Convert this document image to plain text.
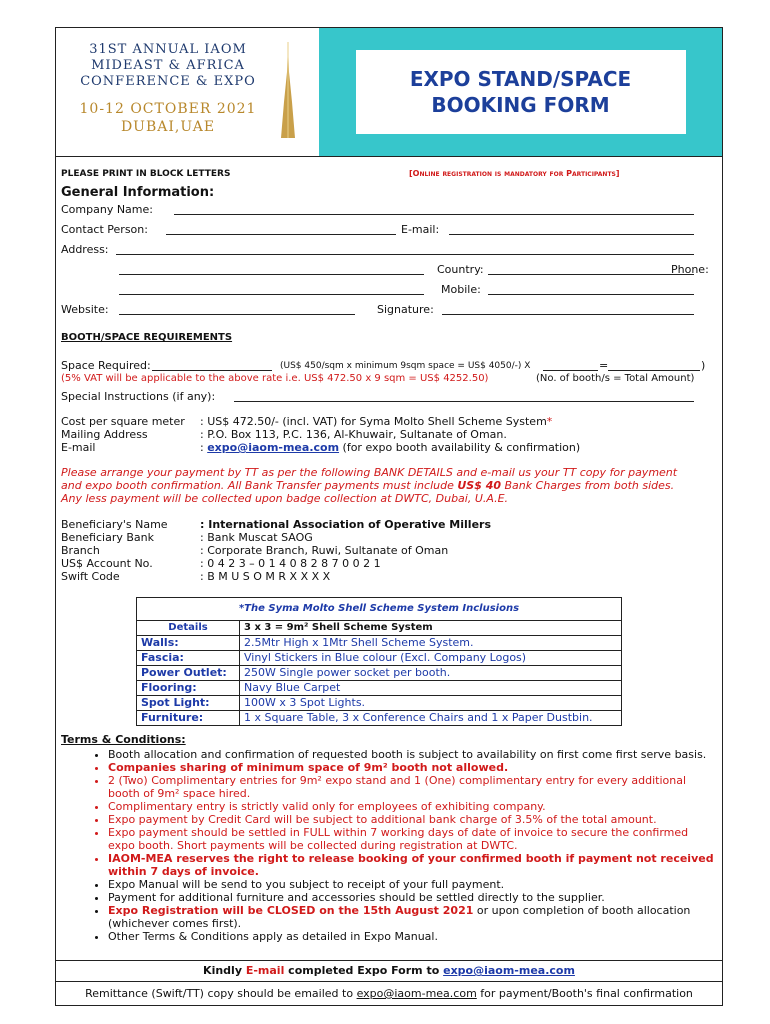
31ST ANNUAL IAOM
MIDEAST & AFRICA
CONFERENCE & EXPO
10-12 OCTOBER 2021
DUBAI,UAE
EXPO STAND/SPACE
BOOKING FORM
PLEASE PRINT IN BLOCK LETTERS	[Online registration is mandatory for Participants]
General Information:
Company Name:
Contact Person:	E-mail:
Address:
Country:	Phone:
Mobile:
Website:	Signature:
BOOTH/SPACE REQUIREMENTS
Space Required:	(US$ 450/sqm x minimum 9sqm space = US$ 4050/-) X	=	)
(5% VAT will be applicable to the above rate i.e. US$ 472.50 x 9 sqm = US$ 4252.50)	(No. of booth/s = Total Amount)
Special Instructions (if any):
Cost per square meter : US$ 472.50/- (incl. VAT) for Syma Molto Shell Scheme System*
Mailing Address	: P.O. Box 113, P.C. 136, Al-Khuwair, Sultanate of Oman.
E-mail	: expo@iaom-mea.com (for expo booth availability & confirmation)
Please arrange your payment by TT as per the following BANK DETAILS and e-mail us your TT copy for payment
and expo booth confirmation. All Bank Transfer payments must include US$ 40 Bank Charges from both sides.
Any less payment will be collected upon badge collection at DWTC, Dubai, U.A.E.
Beneficiary's Name	: International Association of Operative Millers
Beneficiary Bank	: Bank Muscat SAOG
Branch	: Corporate Branch, Ruwi, Sultanate of Oman
US$ Account No.	: 0 4 2 3 – 0 1 4 0 8 2 8 7 0 0 2 1
Swift Code	: B M U S O M R X X X X
*The Syma Molto Shell Scheme System Inclusions	
Details	3 x 3 = 9m² Shell Scheme System
Walls:	2.5Mtr High x 1Mtr Shell Scheme System.
Fascia:	Vinyl Stickers in Blue colour (Excl. Company Logos)
Power Outlet:	250W Single power socket per booth.
Flooring:	Navy Blue Carpet
Spot Light:	100W x 3 Spot Lights.
Furniture:	1 x Square Table, 3 x Conference Chairs and 1 x Paper Dustbin.
Terms & Conditions:
• Booth allocation and confirmation of requested booth is subject to availability on first come first serve basis.
• Companies sharing of minimum space of 9m² booth not allowed.
• 2 (Two) Complimentary entries for 9m² expo stand and 1 (One) complimentary entry for every additional booth of 9m² space hired.
• Complimentary entry is strictly valid only for employees of exhibiting company.
• Expo payment by Credit Card will be subject to additional bank charge of 3.5% of the total amount.
• Expo payment should be settled in FULL within 7 working days of date of invoice to secure the confirmed expo booth. Short payments will be collected during registration at DWTC.
• IAOM-MEA reserves the right to release booking of your confirmed booth if payment not received within 7 days of invoice.
• Expo Manual will be send to you subject to receipt of your full payment.
• Payment for additional furniture and accessories should be settled directly to the supplier.
• Expo Registration will be CLOSED on the 15th August 2021 or upon completion of booth allocation (whichever comes first).
• Other Terms & Conditions apply as detailed in Expo Manual.
Kindly E-mail completed Expo Form to expo@iaom-mea.com
Remittance (Swift/TT) copy should be emailed to expo@iaom-mea.com for payment/Booth's final confirmation
